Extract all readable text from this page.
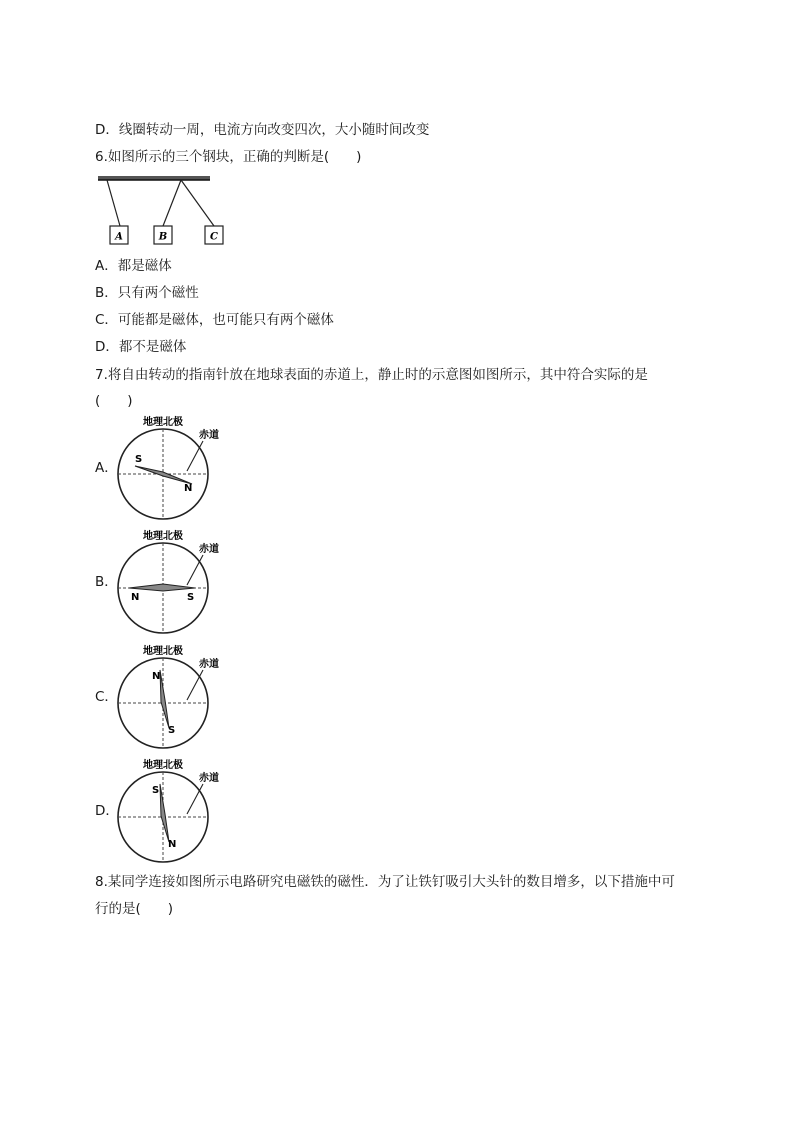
D．线圈转动一周，电流方向改变四次，大小随时间改变
6.如图所示的三个钢块，正确的判断是(　　)
A	B	C
A．都是磁体
B．只有两个磁性
C．可能都是磁体，也可能只有两个磁体
D．都不是磁体
7.将自由转动的指南针放在地球表面的赤道上，静止时的示意图如图所示，其中符合实际的是
(　　)
A．
地理北极
赤道
S
N
B．
地理北极
赤道
N	S
C．
地理北极
赤道
N
S
D．
地理北极
赤道
S
N
8.某同学连接如图所示电路研究电磁铁的磁性．为了让铁钉吸引大头针的数目增多，以下措施中可
行的是(　　)
